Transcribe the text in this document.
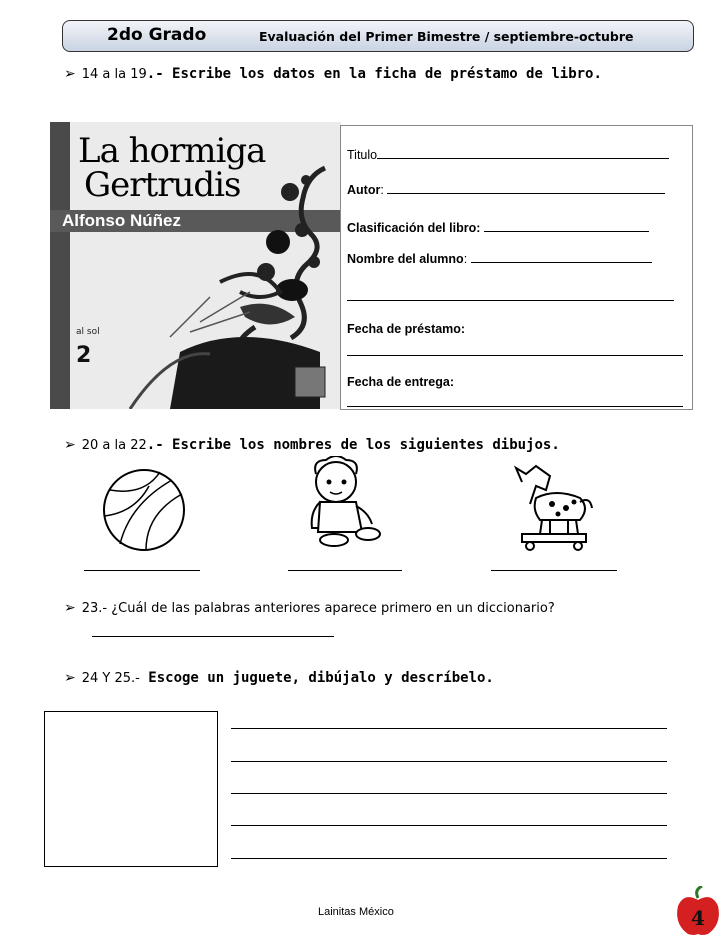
2do Grado	Evaluación del Primer Bimestre / septiembre-octubre
➢ 14 a la 19.- Escribe los datos en la ficha de préstamo de libro.
La hormiga
Gertrudis
Alfonso Núñez
al sol
2
Titulo
Autor:
Clasificación del libro:
Nombre del alumno:
Fecha de préstamo:
Fecha de entrega:
➢ 20 a la 22.- Escribe los nombres de los siguientes dibujos.
➢ 23.- ¿Cuál de las palabras anteriores aparece primero en un diccionario?
➢ 24 Y 25.- Escoge un juguete, dibújalo y descríbelo.
Lainitas México	4
